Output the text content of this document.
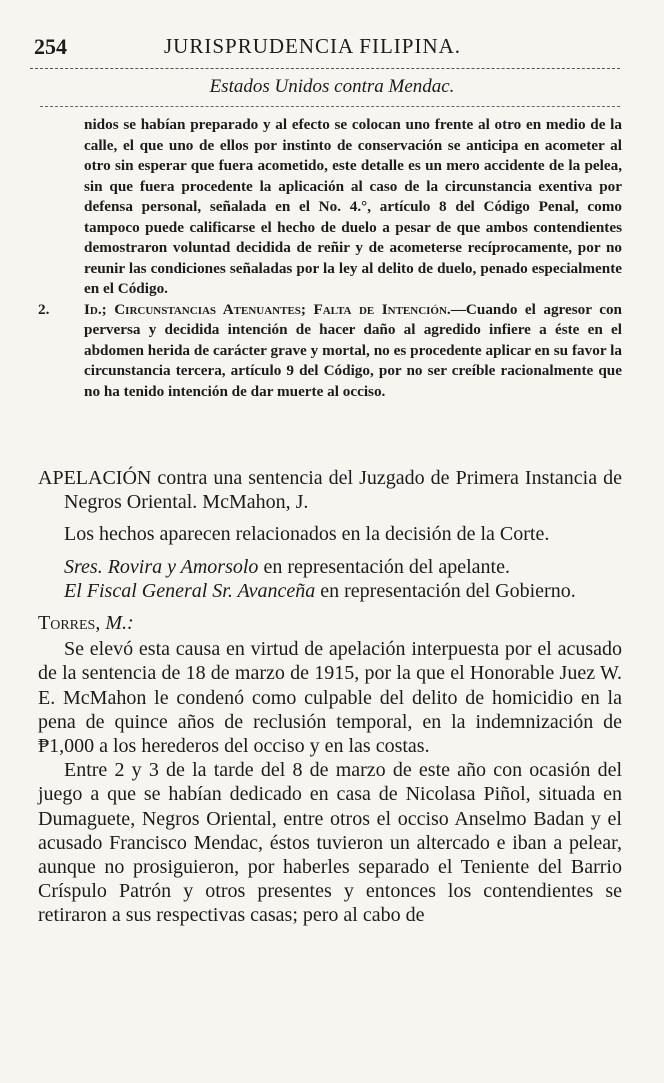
254	JURISPRUDENCIA FILIPINA.
Estados Unidos contra Mendac.

nidos se habían preparado y al efecto se colocan uno frente al otro en medio de la calle, el que uno de ellos por instinto de conservación se anticipa en acometer al otro sin esperar que fuera acometido, este detalle es un mero accidente de la pelea, sin que fuera procedente la aplicación al caso de la circunstancia exentiva por defensa personal, señalada en el No. 4.°, artículo 8 del Código Penal, como tampoco puede calificarse el hecho de duelo a pesar de que ambos contendientes demostraron voluntad decidida de reñir y de acometerse recíprocamente, por no reunir las condiciones señaladas por la ley al delito de duelo, penado especialmente en el Código.

2. Id.; Circunstancias Atenuantes; Falta de Intención.—Cuando el agresor con perversa y decidida intención de hacer daño al agredido infiere a éste en el abdomen herida de carácter grave y mortal, no es procedente aplicar en su favor la circunstancia tercera, artículo 9 del Código, por no ser creíble racionalmente que no ha tenido intención de dar muerte al occiso.

APELACIÓN contra una sentencia del Juzgado de Primera Instancia de Negros Oriental. McMahon, J.

Los hechos aparecen relacionados en la decisión de la Corte.

Sres. Rovira y Amorsolo en representación del apelante.

El Fiscal General Sr. Avanceña en representación del Gobierno.

Torres, M.:

Se elevó esta causa en virtud de apelación interpuesta por el acusado de la sentencia de 18 de marzo de 1915, por la que el Honorable Juez W. E. McMahon le condenó como culpable del delito de homicidio en la pena de quince años de reclusión temporal, en la indemnización de ₱1,000 a los herederos del occiso y en las costas.

Entre 2 y 3 de la tarde del 8 de marzo de este año con ocasión del juego a que se habían dedicado en casa de Nicolasa Piñol, situada en Dumaguete, Negros Oriental, entre otros el occiso Anselmo Badan y el acusado Francisco Mendac, éstos tuvieron un altercado e iban a pelear, aunque no prosiguieron, por haberles separado el Teniente del Barrio Críspulo Patrón y otros presentes y entonces los contendientes se retiraron a sus respectivas casas; pero al cabo de
